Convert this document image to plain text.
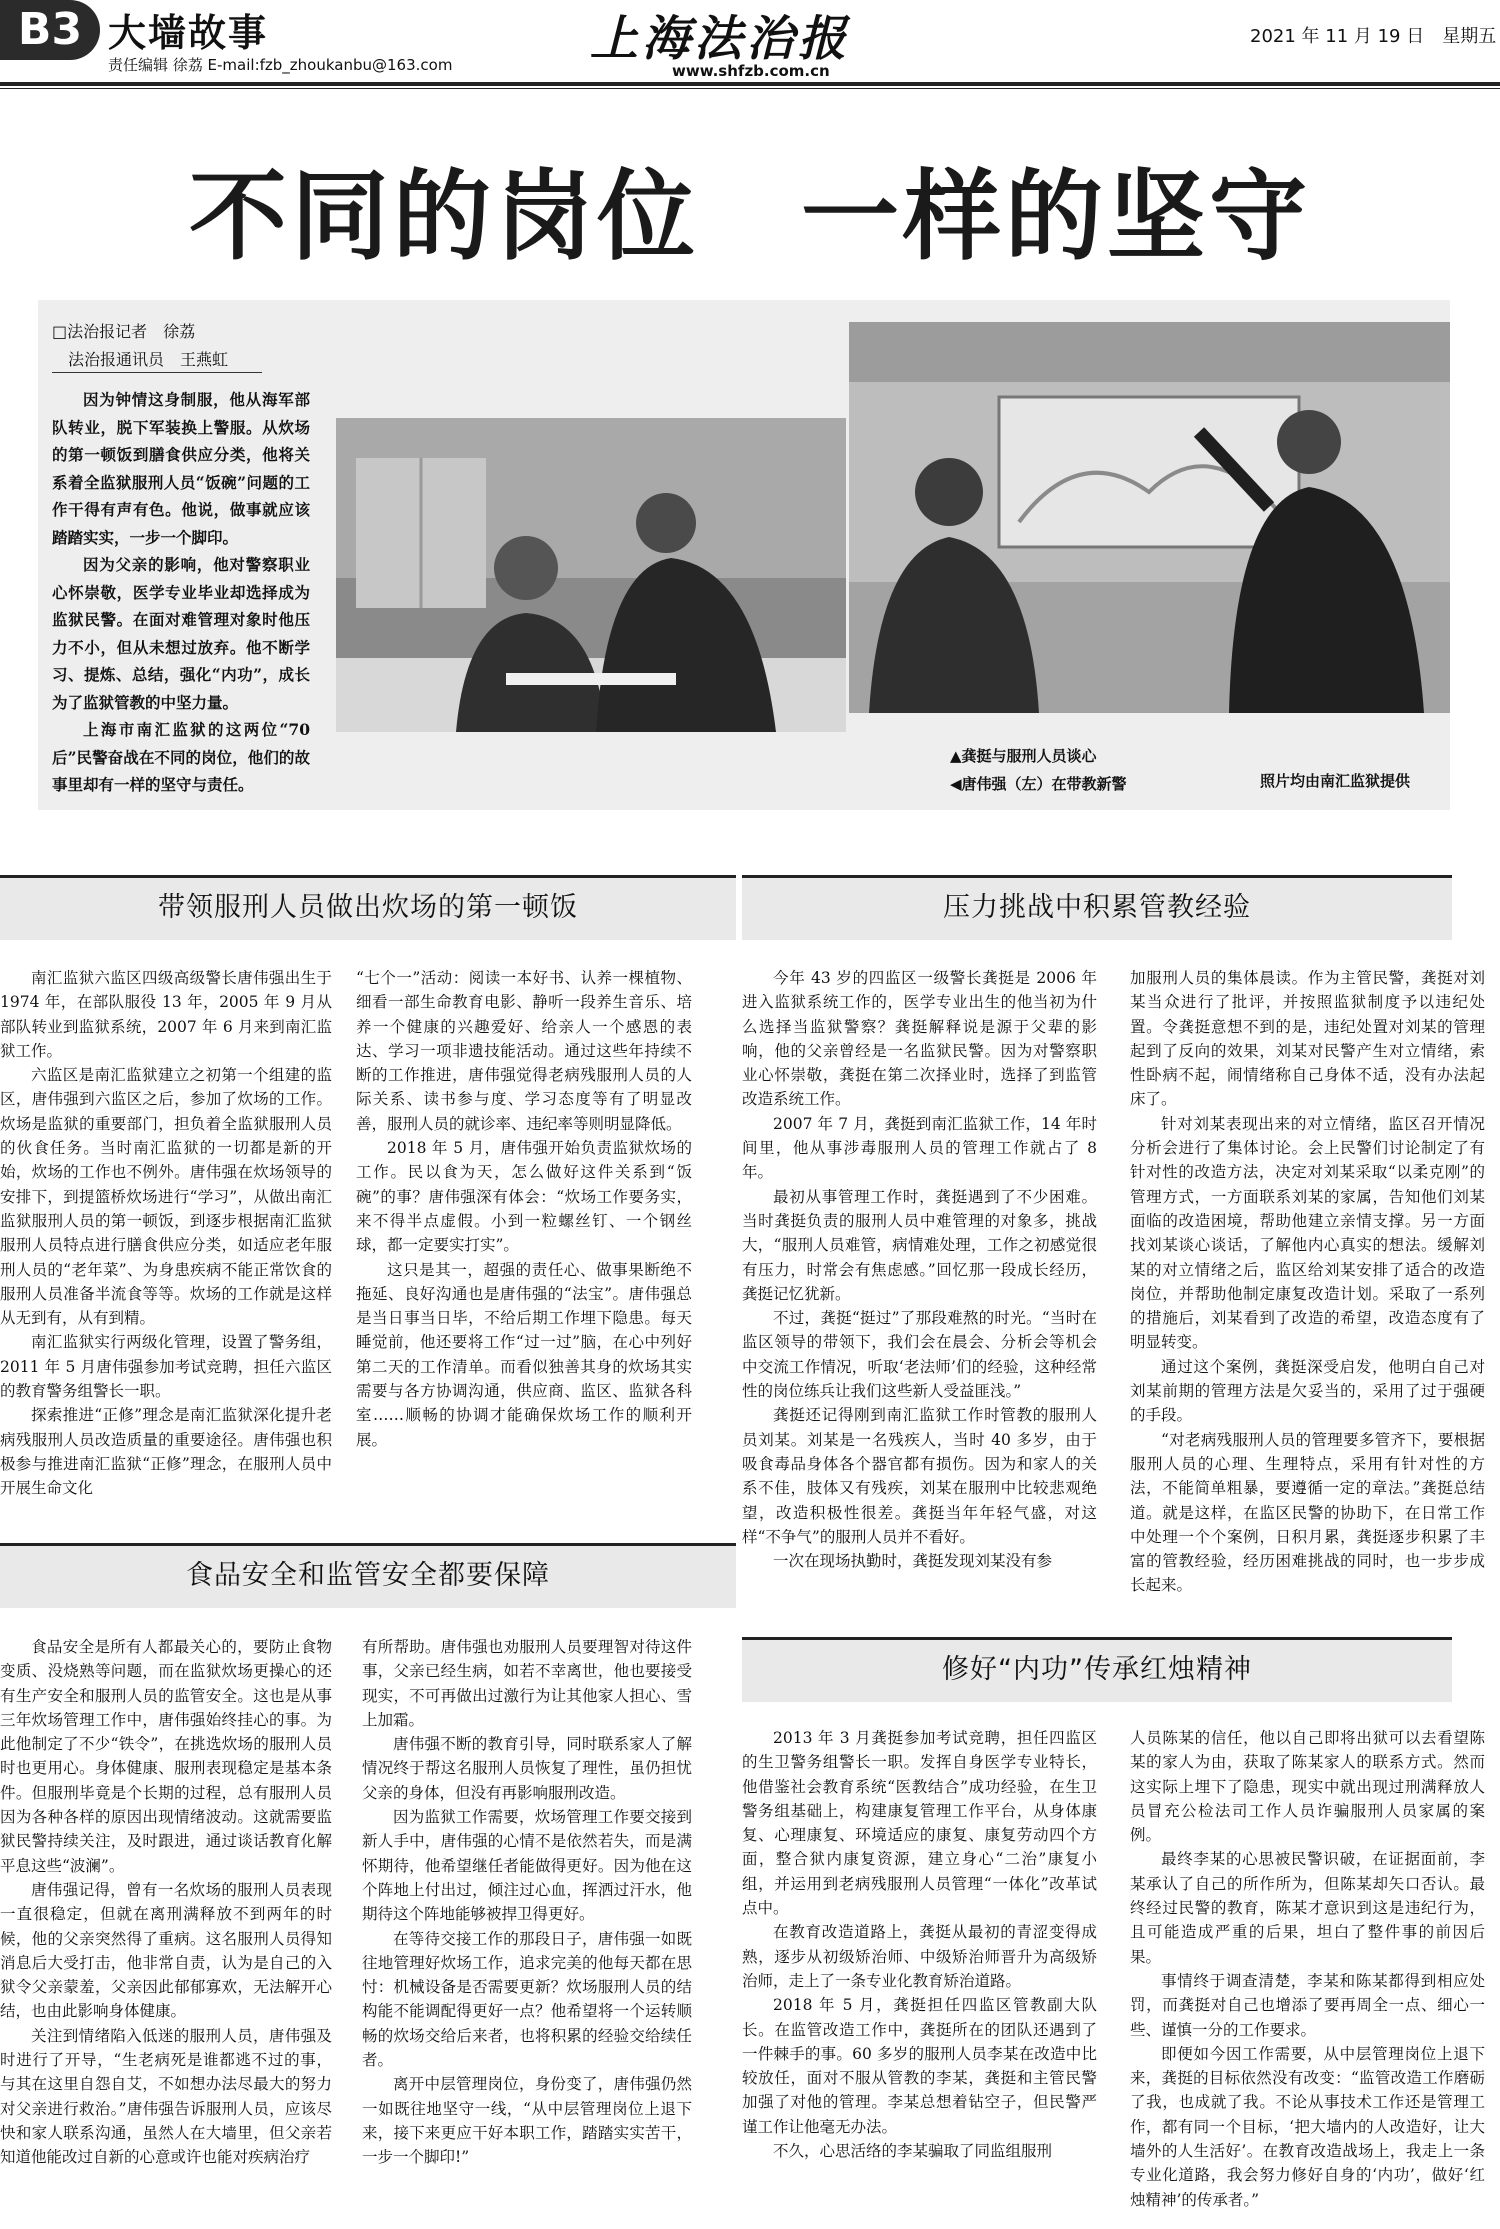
B3 大墙故事
责任编辑 徐荔 E-mail:fzb_zhoukanbu@163.com	上海法治报
www.shfzb.com.cn
2021 年 11 月 19 日　星期五
不同的岗位　一样的坚守
□法治报记者　徐荔
　法治报通讯员　王燕虹

因为钟情这身制服，他从海军部队转业，脱下军装换上警服。从炊场的第一顿饭到膳食供应分类，他将关系着全监狱服刑人员“饭碗”问题的工作干得有声有色。他说，做事就应该踏踏实实，一步一个脚印。

因为父亲的影响，他对警察职业心怀崇敬，医学专业毕业却选择成为监狱民警。在面对难管理对象时他压力不小，但从未想过放弃。他不断学习、提炼、总结，强化“内功”，成长为了监狱管教的中坚力量。

上海市南汇监狱的这两位“70 后”民警奋战在不同的岗位，他们的故事里却有一样的坚守与责任。

▲龚挺与服刑人员谈心
◀唐伟强（左）在带教新警	照片均由南汇监狱提供
带领服刑人员做出炊场的第一顿饭

南汇监狱六监区四级高级警长唐伟强出生于 1974 年，在部队服役 13 年，2005 年 9 月从部队转业到监狱系统，2007 年 6 月来到南汇监狱工作。

六监区是南汇监狱建立之初第一个组建的监区，唐伟强到六监区之后，参加了炊场的工作。炊场是监狱的重要部门，担负着全监狱服刑人员的伙食任务。当时南汇监狱的一切都是新的开始，炊场的工作也不例外。唐伟强在炊场领导的安排下，到提篮桥炊场进行“学习”，从做出南汇监狱服刑人员的第一顿饭，到逐步根据南汇监狱服刑人员特点进行膳食供应分类，如适应老年服刑人员的“老年菜”、为身患疾病不能正常饮食的服刑人员准备半流食等等。炊场的工作就是这样从无到有，从有到精。

南汇监狱实行两级化管理，设置了警务组，2011 年 5 月唐伟强参加考试竞聘，担任六监区的教育警务组警长一职。

探索推进“正修”理念是南汇监狱深化提升老病残服刑人员改造质量的重要途径。唐伟强也积极参与推进南汇监狱“正修”理念，在服刑人员中开展生命文化

“七个一”活动：阅读一本好书、认养一棵植物、细看一部生命教育电影、静听一段养生音乐、培养一个健康的兴趣爱好、给亲人一个感恩的表达、学习一项非遗技能活动。通过这些年持续不断的工作推进，唐伟强觉得老病残服刑人员的人际关系、读书参与度、学习态度等有了明显改善，服刑人员的就诊率、违纪率等则明显降低。

2018 年 5 月，唐伟强开始负责监狱炊场的工作。民以食为天，怎么做好这件关系到“饭碗”的事？唐伟强深有体会：“炊场工作要务实，来不得半点虚假。小到一粒螺丝钉、一个钢丝球，都一定要实打实”。

这只是其一，超强的责任心、做事果断绝不拖延、良好沟通也是唐伟强的“法宝”。唐伟强总是当日事当日毕，不给后期工作埋下隐患。每天睡觉前，他还要将工作“过一过”脑，在心中列好第二天的工作清单。而看似独善其身的炊场其实需要与各方协调沟通，供应商、监区、监狱各科室……顺畅的协调才能确保炊场工作的顺利开展。

食品安全和监管安全都要保障

食品安全是所有人都最关心的，要防止食物变质、没烧熟等问题，而在监狱炊场更操心的还有生产安全和服刑人员的监管安全。这也是从事三年炊场管理工作中，唐伟强始终挂心的事。为此他制定了不少“铁令”，在挑选炊场的服刑人员时也更用心。身体健康、服刑表现稳定是基本条件。但服刑毕竟是个长期的过程，总有服刑人员因为各种各样的原因出现情绪波动。这就需要监狱民警持续关注，及时跟进，通过谈话教育化解平息这些“波澜”。

唐伟强记得，曾有一名炊场的服刑人员表现一直很稳定，但就在离刑满释放不到两年的时候，他的父亲突然得了重病。这名服刑人员得知消息后大受打击，他非常自责，认为是自己的入狱令父亲蒙羞，父亲因此郁郁寡欢，无法解开心结，也由此影响身体健康。

关注到情绪陷入低迷的服刑人员，唐伟强及时进行了开导，“生老病死是谁都逃不过的事，与其在这里自怨自艾，不如想办法尽最大的努力对父亲进行救治。”唐伟强告诉服刑人员，应该尽快和家人联系沟通，虽然人在大墙里，但父亲若知道他能改过自新的心意或许也能对疾病治疗

有所帮助。唐伟强也劝服刑人员要理智对待这件事，父亲已经生病，如若不幸离世，他也要接受现实，不可再做出过激行为让其他家人担心、雪上加霜。

唐伟强不断的教育引导，同时联系家人了解情况终于帮这名服刑人员恢复了理性，虽仍担忧父亲的身体，但没有再影响服刑改造。

因为监狱工作需要，炊场管理工作要交接到新人手中，唐伟强的心情不是依然若失，而是满怀期待，他希望继任者能做得更好。因为他在这个阵地上付出过，倾注过心血，挥洒过汗水，他期待这个阵地能够被捍卫得更好。

在等待交接工作的那段日子，唐伟强一如既往地管理好炊场工作，追求完美的他每天都在思忖：机械设备是否需要更新？炊场服刑人员的结构能不能调配得更好一点？他希望将一个运转顺畅的炊场交给后来者，也将积累的经验交给续任者。

离开中层管理岗位，身份变了，唐伟强仍然一如既往地坚守一线，“从中层管理岗位上退下来，接下来更应干好本职工作，踏踏实实苦干，一步一个脚印!”

压力挑战中积累管教经验

今年 43 岁的四监区一级警长龚挺是 2006 年进入监狱系统工作的，医学专业出生的他当初为什么选择当监狱警察？龚挺解释说是源于父辈的影响，他的父亲曾经是一名监狱民警。因为对警察职业心怀崇敬，龚挺在第二次择业时，选择了到监管改造系统工作。

2007 年 7 月，龚挺到南汇监狱工作，14 年时间里，他从事涉毒服刑人员的管理工作就占了 8 年。

最初从事管理工作时，龚挺遇到了不少困难。当时龚挺负责的服刑人员中难管理的对象多，挑战大，“服刑人员难管，病情难处理，工作之初感觉很有压力，时常会有焦虑感。”回忆那一段成长经历，龚挺记忆犹新。

不过，龚挺“挺过”了那段难熬的时光。“当时在监区领导的带领下，我们会在晨会、分析会等机会中交流工作情况，听取‘老法师’们的经验，这种经常性的岗位练兵让我们这些新人受益匪浅。”

龚挺还记得刚到南汇监狱工作时管教的服刑人员刘某。刘某是一名残疾人，当时 40 多岁，由于吸食毒品身体各个器官都有损伤。因为和家人的关系不佳，肢体又有残疾，刘某在服刑中比较悲观绝望，改造积极性很差。龚挺当年年轻气盛，对这样“不争气”的服刑人员并不看好。

一次在现场执勤时，龚挺发现刘某没有参

加服刑人员的集体晨读。作为主管民警，龚挺对刘某当众进行了批评，并按照监狱制度予以违纪处置。令龚挺意想不到的是，违纪处置对刘某的管理起到了反向的效果，刘某对民警产生对立情绪，索性卧病不起，闹情绪称自己身体不适，没有办法起床了。

针对刘某表现出来的对立情绪，监区召开情况分析会进行了集体讨论。会上民警们讨论制定了有针对性的改造方法，决定对刘某采取“以柔克刚”的管理方式，一方面联系刘某的家属，告知他们刘某面临的改造困境，帮助他建立亲情支撑。另一方面找刘某谈心谈话，了解他内心真实的想法。缓解刘某的对立情绪之后，监区给刘某安排了适合的改造岗位，并帮助他制定康复改造计划。采取了一系列的措施后，刘某看到了改造的希望，改造态度有了明显转变。

通过这个案例，龚挺深受启发，他明白自己对刘某前期的管理方法是欠妥当的，采用了过于强硬的手段。

“对老病残服刑人员的管理要多管齐下，要根据服刑人员的心理、生理特点，采用有针对性的方法，不能简单粗暴，要遵循一定的章法。”龚挺总结道。就是这样，在监区民警的协助下，在日常工作中处理一个个案例，日积月累，龚挺逐步积累了丰富的管教经验，经历困难挑战的同时，也一步步成长起来。

修好“内功”传承红烛精神

2013 年 3 月龚挺参加考试竞聘，担任四监区的生卫警务组警长一职。发挥自身医学专业特长，他借鉴社会教育系统“医教结合”成功经验，在生卫警务组基础上，构建康复管理工作平台，从身体康复、心理康复、环境适应的康复、康复劳动四个方面，整合狱内康复资源，建立身心“二治”康复小组，并运用到老病残服刑人员管理“一体化”改革试点中。

在教育改造道路上，龚挺从最初的青涩变得成熟，逐步从初级矫治师、中级矫治师晋升为高级矫治师，走上了一条专业化教育矫治道路。

2018 年 5 月，龚挺担任四监区管教副大队长。在监管改造工作中，龚挺所在的团队还遇到了一件棘手的事。60 多岁的服刑人员李某在改造中比较放任，面对不服从管教的李某，龚挺和主管民警加强了对他的管理。李某总想着钻空子，但民警严谨工作让他毫无办法。

不久，心思活络的李某骗取了同监组服刑

人员陈某的信任，他以自己即将出狱可以去看望陈某的家人为由，获取了陈某家人的联系方式。然而这实际上埋下了隐患，现实中就出现过刑满释放人员冒充公检法司工作人员诈骗服刑人员家属的案例。

最终李某的心思被民警识破，在证据面前，李某承认了自己的所作所为，但陈某却矢口否认。最终经过民警的教育，陈某才意识到这是违纪行为，且可能造成严重的后果，坦白了整件事的前因后果。

事情终于调查清楚，李某和陈某都得到相应处罚，而龚挺对自己也增添了要再周全一点、细心一些、谨慎一分的工作要求。

即便如今因工作需要，从中层管理岗位上退下来，龚挺的目标依然没有改变：“监管改造工作磨砺了我，也成就了我。不论从事技术工作还是管理工作，都有同一个目标，‘把大墙内的人改造好，让大墙外的人生活好’。在教育改造战场上，我走上一条专业化道路，我会努力修好自身的‘内功’，做好‘红烛精神’的传承者。”
